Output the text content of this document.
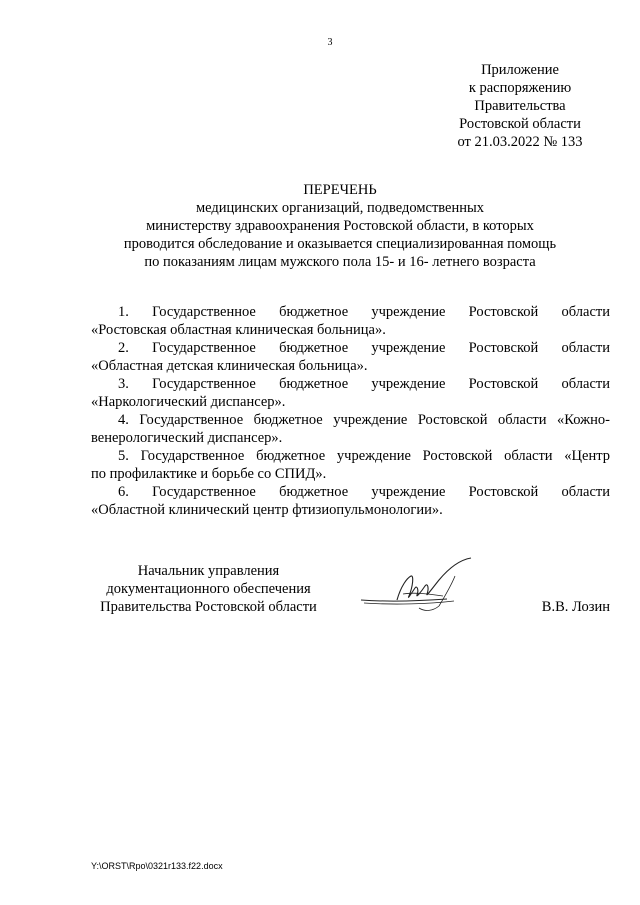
3
Приложение
к распоряжению
Правительства
Ростовской области
от 21.03.2022 № 133
ПЕРЕЧЕНЬ
медицинских организаций, подведомственных
министерству здравоохранения Ростовской области, в которых
проводится обследование и оказывается специализированная помощь
по показаниям лицам мужского пола 15- и 16- летнего возраста

1. Государственное бюджетное учреждение Ростовской области
«Ростовская областная клиническая больница».

2. Государственное бюджетное учреждение Ростовской области
«Областная детская клиническая больница».

3. Государственное бюджетное учреждение Ростовской области
«Наркологический диспансер».

4. Государственное бюджетное учреждение Ростовской области «Кожно-
венерологический диспансер».

5. Государственное бюджетное учреждение Ростовской области «Центр
по профилактике и борьбе со СПИД».

6. Государственное бюджетное учреждение Ростовской области
«Областной клинический центр фтизиопульмонологии».

Начальник управления
документационного обеспечения
Правительства Ростовской области	В.В. Лозин
Y:\ORST\Rpo\0321r133.f22.docx
